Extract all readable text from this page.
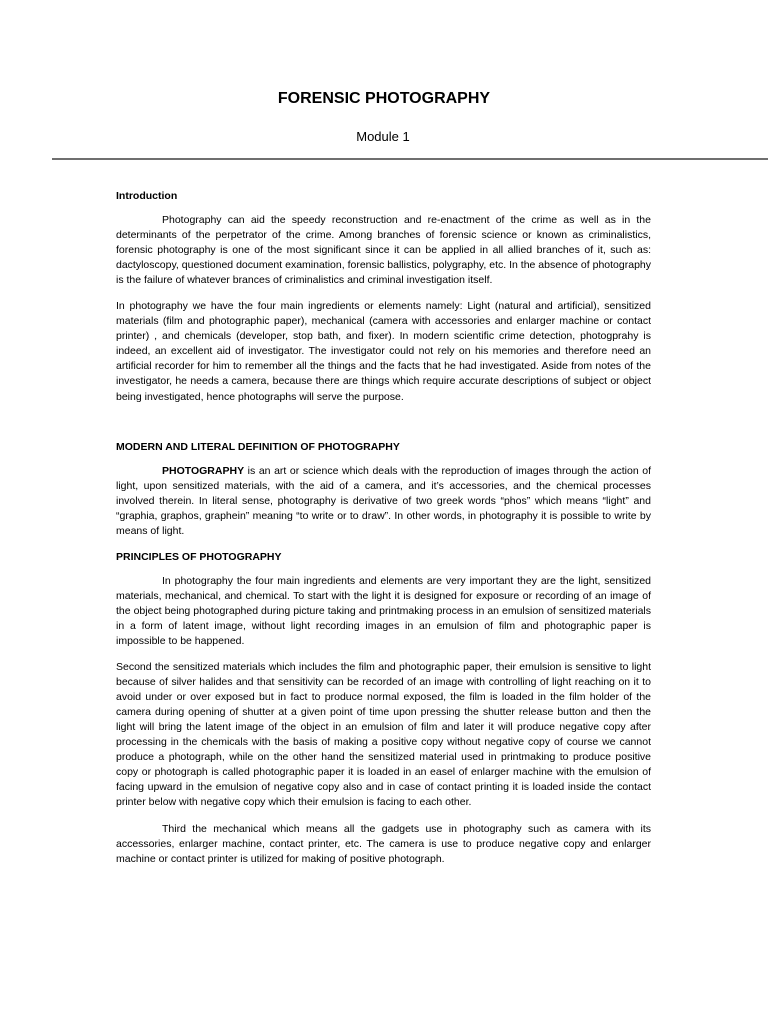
FORENSIC PHOTOGRAPHY
Module 1
Introduction

Photography can aid the speedy reconstruction and re-enactment of the crime as well as in the determinants of the perpetrator of the crime. Among branches of forensic science or known as criminalistics, forensic photography is one of the most significant since it can be applied in all allied branches of it, such as: dactyloscopy, questioned document examination, forensic ballistics, polygraphy, etc. In the absence of photography is the failure of whatever brances of criminalistics and criminal investigation itself.

In photography we have the four main ingredients or elements namely: Light (natural and artificial), sensitized materials (film and photographic paper), mechanical (camera with accessories and enlarger machine or contact printer) , and chemicals (developer, stop bath, and fixer). In modern scientific crime detection, photogprahy is indeed, an excellent aid of investigator. The investigator could not rely on his memories and therefore need an artificial recorder for him to remember all the things and the facts that he had investigated. Aside from notes of the investigator, he needs a camera, because there are things which require accurate descriptions of subject or object being investigated, hence photographs will serve the purpose.

MODERN AND LITERAL DEFINITION OF PHOTOGRAPHY

PHOTOGRAPHY is an art or science which deals with the reproduction of images through the action of light, upon sensitized materials, with the aid of a camera, and it’s accessories, and the chemical processes involved therein. In literal sense, photography is derivative of two greek words “phos” which means “light” and “graphia, graphos, graphein” meaning “to write or to draw”. In other words, in photography it is possible to write by means of light.

PRINCIPLES OF PHOTOGRAPHY

In photography the four main ingredients and elements are very important they are the light, sensitized materials, mechanical, and chemical. To start with the light it is designed for exposure or recording of an image of the object being photographed during picture taking and printmaking process in an emulsion of sensitized materials in a form of latent image, without light recording images in an emulsion of film and photographic paper is impossible to be happened.

Second the sensitized materials which includes the film and photographic paper, their emulsion is sensitive to light because of silver halides and that sensitivity can be recorded of an image with controlling of light reaching on it to avoid under or over exposed but in fact to produce normal exposed, the film is loaded in the film holder of the camera during opening of shutter at a given point of time upon pressing the shutter release button and then the light will bring the latent image of the object in an emulsion of film and later it will produce negative copy after processing in the chemicals with the basis of making a positive copy without negative copy of course we cannot produce a photograph, while on the other hand the sensitized material used in printmaking to produce positive copy or photograph is called photographic paper it is loaded in an easel of enlarger machine with the emulsion of facing upward in the emulsion of negative copy also and in case of contact printing it is loaded inside the contact printer below with negative copy which their emulsion is facing to each other.

Third the mechanical which means all the gadgets use in photography such as camera with its accessories, enlarger machine, contact printer, etc. The camera is use to produce negative copy and enlarger machine or contact printer is utilized for making of positive photograph.
